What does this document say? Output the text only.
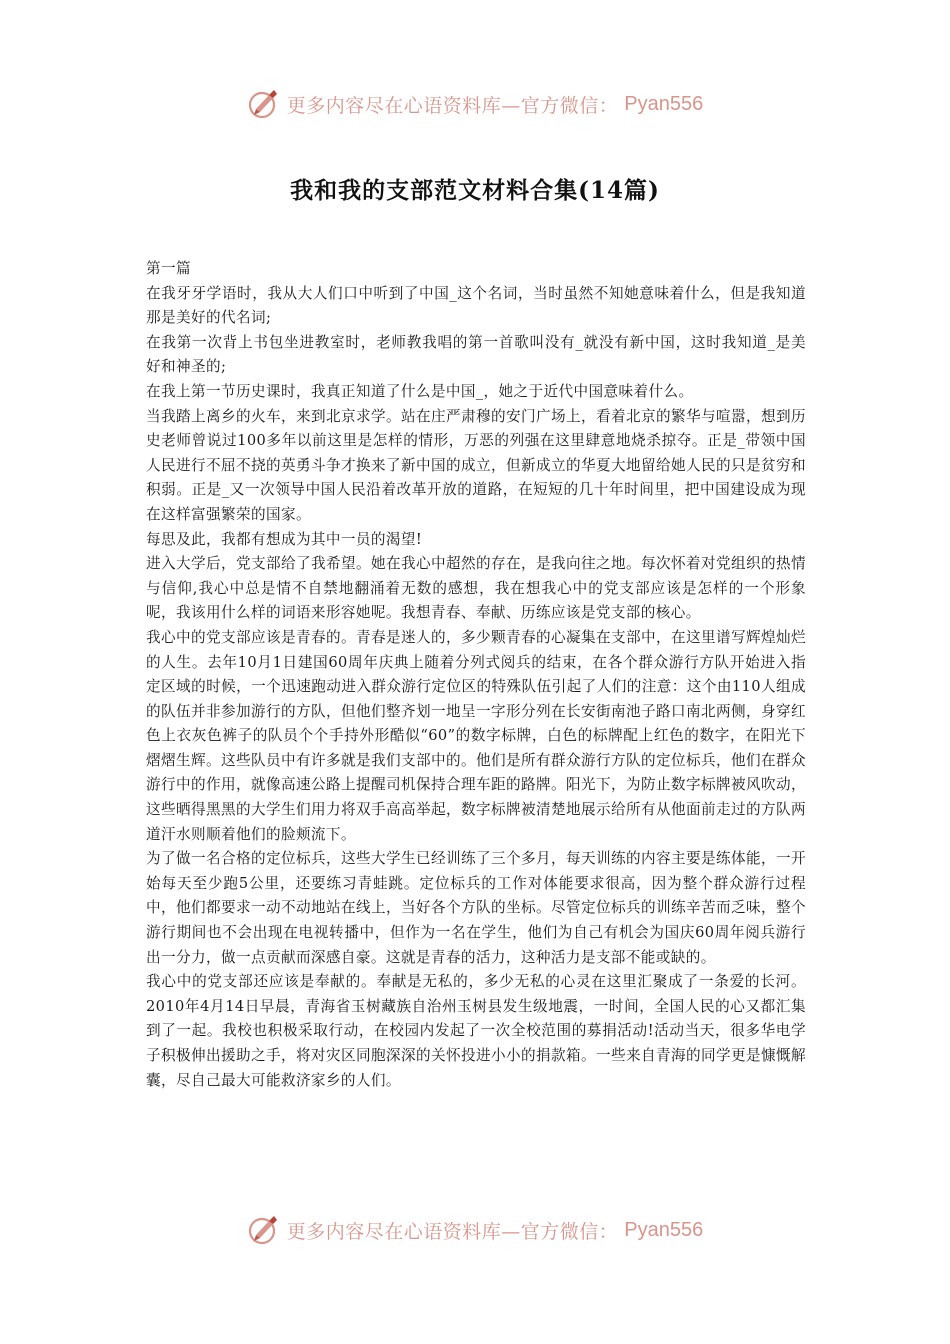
更多内容尽在心语资料库—官方微信： Pyan556
我和我的支部范文材料合集(14篇)

第一篇

在我牙牙学语时，我从大人们口中听到了中国_这个名词，当时虽然不知她意味着什么，但是我知道那是美好的代名词;

在我第一次背上书包坐进教室时，老师教我唱的第一首歌叫没有_就没有新中国，这时我知道_是美好和神圣的;

在我上第一节历史课时，我真正知道了什么是中国_，她之于近代中国意味着什么。

当我踏上离乡的火车，来到北京求学。站在庄严肃穆的安门广场上，看着北京的繁华与喧嚣，想到历史老师曾说过100多年以前这里是怎样的情形，万恶的列强在这里肆意地烧杀掠夺。正是_带领中国人民进行不屈不挠的英勇斗争才换来了新中国的成立，但新成立的华夏大地留给她人民的只是贫穷和积弱。正是_又一次领导中国人民沿着改革开放的道路，在短短的几十年时间里，把中国建设成为现在这样富强繁荣的国家。

每思及此，我都有想成为其中一员的渴望!

进入大学后，党支部给了我希望。她在我心中超然的存在，是我向往之地。每次怀着对党组织的热情与信仰,我心中总是情不自禁地翻涌着无数的感想，我在想我心中的党支部应该是怎样的一个形象呢，我该用什么样的词语来形容她呢。我想青春、奉献、历练应该是党支部的核心。

我心中的党支部应该是青春的。青春是迷人的，多少颗青春的心凝集在支部中，在这里谱写辉煌灿烂的人生。去年10月1日建国60周年庆典上随着分列式阅兵的结束，在各个群众游行方队开始进入指定区域的时候，一个迅速跑动进入群众游行定位区的特殊队伍引起了人们的注意：这个由110人组成的队伍并非参加游行的方队，但他们整齐划一地呈一字形分列在长安街南池子路口南北两侧，身穿红色上衣灰色裤子的队员个个手持外形酷似“60”的数字标牌，白色的标牌配上红色的数字，在阳光下熠熠生辉。这些队员中有许多就是我们支部中的。他们是所有群众游行方队的定位标兵，他们在群众游行中的作用，就像高速公路上提醒司机保持合理车距的路牌。阳光下，为防止数字标牌被风吹动，这些晒得黑黑的大学生们用力将双手高高举起，数字标牌被清楚地展示给所有从他面前走过的方队两道汗水则顺着他们的脸颊流下。

为了做一名合格的定位标兵，这些大学生已经训练了三个多月，每天训练的内容主要是练体能，一开始每天至少跑5公里，还要练习青蛙跳。定位标兵的工作对体能要求很高，因为整个群众游行过程中，他们都要求一动不动地站在线上，当好各个方队的坐标。尽管定位标兵的训练辛苦而乏味，整个游行期间也不会出现在电视转播中，但作为一名在学生，他们为自己有机会为国庆60周年阅兵游行出一分力，做一点贡献而深感自豪。这就是青春的活力，这种活力是支部不能或缺的。

我心中的党支部还应该是奉献的。奉献是无私的，多少无私的心灵在这里汇聚成了一条爱的长河。2010年4月14日早晨，青海省玉树藏族自治州玉树县发生级地震，一时间，全国人民的心又都汇集到了一起。我校也积极采取行动，在校园内发起了一次全校范围的募捐活动!活动当天，很多华电学子积极伸出援助之手，将对灾区同胞深深的关怀投进小小的捐款箱。一些来自青海的同学更是慷慨解囊，尽自己最大可能救济家乡的人们。

更多内容尽在心语资料库—官方微信： Pyan556
